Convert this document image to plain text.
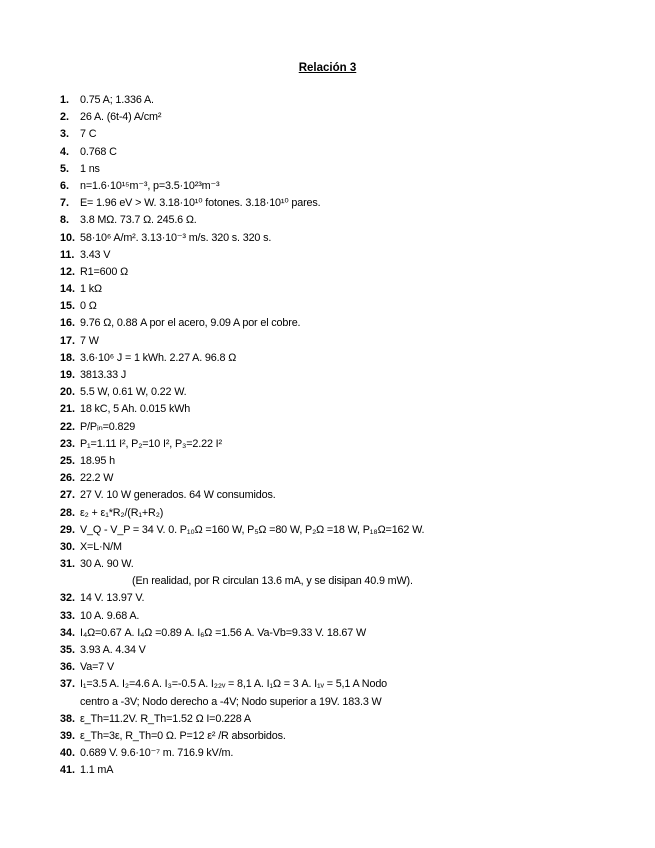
Relación 3
1. 0.75 A; 1.336 A.
2. 26 A. (6t-4) A/cm²
3. 7 C
4. 0.768 C
5. 1 ns
6. n=1.6·10¹⁵m⁻³, p=3.5·10²³m⁻³
7. E= 1.96 eV > W. 3.18·10¹⁰ fotones. 3.18·10¹⁰ pares.
8. 3.8 MΩ. 73.7 Ω. 245.6 Ω.
10. 58·10⁶ A/m². 3.13·10⁻³ m/s. 320 s. 320 s.
11. 3.43 V
12. R1=600 Ω
14. 1 kΩ
15. 0 Ω
16. 9.76 Ω, 0.88 A por el acero, 9.09 A por el cobre.
17. 7 W
18. 3.6·10⁶ J = 1 kWh. 2.27 A. 96.8 Ω
19. 3813.33 J
20. 5.5 W, 0.61 W, 0.22 W.
21. 18 kC, 5 Ah. 0.015 kWh
22. P/Pᵢₙ=0.829
23. P₁=1.11 I², P₂=10 I², P₃=2.22 I²
25. 18.95 h
26. 22.2 W
27. 27 V. 10 W generados. 64 W consumidos.
28. ε₂ + ε₁*R₂/(R₁+R₂)
29. V_Q - V_P = 34 V. 0. P₁₀Ω =160 W, P₅Ω =80 W, P₂Ω =18 W, P₁₈Ω=162 W.
30. X=L·N/M
31. 30 A. 90 W.
(En realidad, por R circulan 13.6 mA, y se disipan 40.9 mW).
32. 14 V. 13.97 V.
33. 10 A. 9.68 A.
34. I₄Ω=0.67 A. I₄Ω =0.89 A. I₆Ω =1.56 A. Va-Vb=9.33 V. 18.67 W
35. 3.93 A. 4.34 V
36. Va=7 V
37. I₁=3.5 A. I₂=4.6 A. I₃=-0.5 A. I₂₂ᵥ = 8,1 A. I₁Ω = 3 A. I₁ᵥ = 5,1 A Nodo
centro a -3V; Nodo derecho a -4V; Nodo superior a 19V. 183.3 W
38. ε_Th=11.2V. R_Th=1.52 Ω I=0.228 A
39. ε_Th=3ε, R_Th=0 Ω. P=12 ε² /R absorbidos.
40. 0.689 V. 9.6·10⁻⁷ m. 716.9 kV/m.
41. 1.1 mA
